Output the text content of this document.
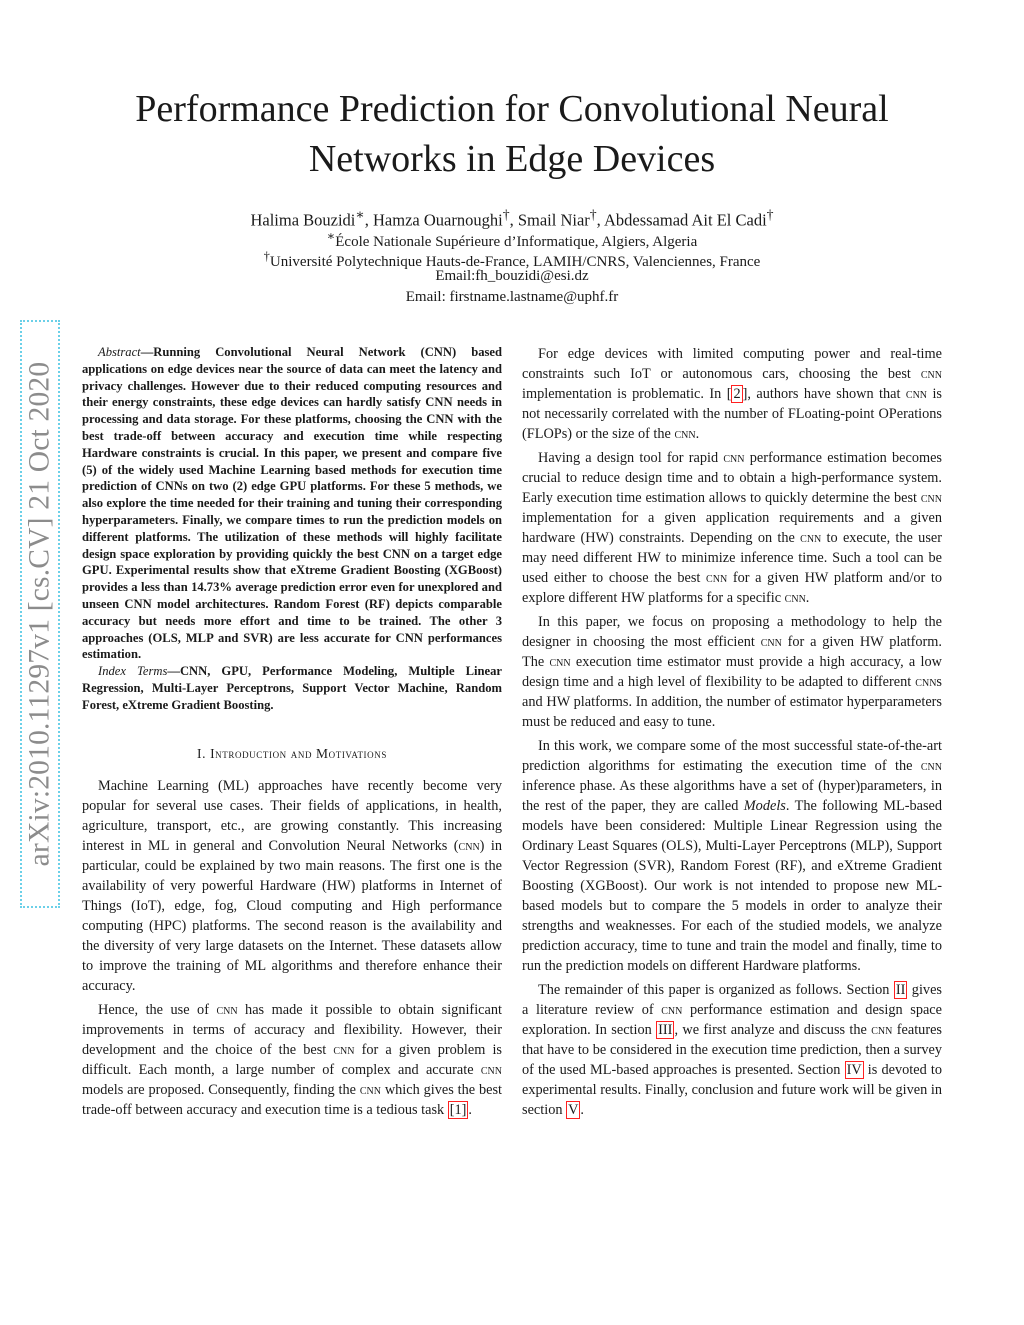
Performance Prediction for Convolutional Neural
Networks in Edge Devices
Halima Bouzidi∗, Hamza Ouarnoughi†, Smail Niar†, Abdessamad Ait El Cadi†
∗École Nationale Supérieure d’Informatique, Algiers, Algeria
†Université Polytechnique Hauts-de-France, LAMIH/CNRS, Valenciennes, France
Email:fh_bouzidi@esi.dz
Email: firstname.lastname@uphf.fr
arXiv:2010.11297v1 [cs.CV] 21 Oct 2020

Abstract—Running Convolutional Neural Network (CNN) based applications on edge devices near the source of data can meet the latency and privacy challenges. However due to their reduced computing resources and their energy constraints, these edge devices can hardly satisfy CNN needs in processing and data storage. For these platforms, choosing the CNN with the best trade-off between accuracy and execution time while respecting Hardware constraints is crucial. In this paper, we present and compare five (5) of the widely used Machine Learning based methods for execution time prediction of CNNs on two (2) edge GPU platforms. For these 5 methods, we also explore the time needed for their training and tuning their corresponding hyperparameters. Finally, we compare times to run the prediction models on different platforms. The utilization of these methods will highly facilitate design space exploration by providing quickly the best CNN on a target edge GPU. Experimental results show that eXtreme Gradient Boosting (XGBoost) provides a less than 14.73% average prediction error even for unexplored and unseen CNN model architectures. Random Forest (RF) depicts comparable accuracy but needs more effort and time to be trained. The other 3 approaches (OLS, MLP and SVR) are less accurate for CNN performances estimation.

Index Terms—CNN, GPU, Performance Modeling, Multiple Linear Regression, Multi-Layer Perceptrons, Support Vector Machine, Random Forest, eXtreme Gradient Boosting.

I. Introduction and Motivations

Machine Learning (ML) approaches have recently become very popular for several use cases. Their fields of applications, in health, agriculture, transport, etc., are growing constantly. This increasing interest in ML in general and Convolution Neural Networks (cnn) in particular, could be explained by two main reasons. The first one is the availability of very powerful Hardware (HW) platforms in Internet of Things (IoT), edge, fog, Cloud computing and High performance computing (HPC) platforms. The second reason is the availability and the diversity of very large datasets on the Internet. These datasets allow to improve the training of ML algorithms and therefore enhance their accuracy.

Hence, the use of cnn has made it possible to obtain significant improvements in terms of accuracy and flexibility. However, their development and the choice of the best cnn for a given problem is difficult. Each month, a large number of complex and accurate cnn models are proposed. Consequently, finding the cnn which gives the best trade-off between accuracy and execution time is a tedious task [1] .

For edge devices with limited computing power and real-time constraints such IoT or autonomous cars, choosing the best cnn implementation is problematic. In [ 2 ], authors have shown that cnn is not necessarily correlated with the number of FLoating-point OPerations (FLOPs) or the size of the cnn.

Having a design tool for rapid cnn performance estimation becomes crucial to reduce design time and to obtain a high-performance system. Early execution time estimation allows to quickly determine the best cnn implementation for a given application requirements and a given hardware (HW) constraints. Depending on the cnn to execute, the user may need different HW to minimize inference time. Such a tool can be used either to choose the best cnn for a given HW platform and/or to explore different HW platforms for a specific cnn.

In this paper, we focus on proposing a methodology to help the designer in choosing the most efficient cnn for a given HW platform. The cnn execution time estimator must provide a high accuracy, a low design time and a high level of flexibility to be adapted to different cnns and HW platforms. In addition, the number of estimator hyperparameters must be reduced and easy to tune.

In this work, we compare some of the most successful state-of-the-art prediction algorithms for estimating the execution time of the cnn inference phase. As these algorithms have a set of (hyper)parameters, in the rest of the paper, they are called Models. The following ML-based models have been considered: Multiple Linear Regression using the Ordinary Least Squares (OLS), Multi-Layer Perceptrons (MLP), Support Vector Regression (SVR), Random Forest (RF), and eXtreme Gradient Boosting (XGBoost). Our work is not intended to propose new ML-based models but to compare the 5 models in order to analyze their strengths and weaknesses. For each of the studied models, we analyze prediction accuracy, time to tune and train the model and finally, time to run the prediction models on different Hardware platforms.

The remainder of this paper is organized as follows. Section II gives a literature review of cnn performance estimation and design space exploration. In section III , we first analyze and discuss the cnn features that have to be considered in the execution time prediction, then a survey of the used ML-based approaches is presented. Section IV is devoted to experimental results. Finally, conclusion and future work will be given in section V .
